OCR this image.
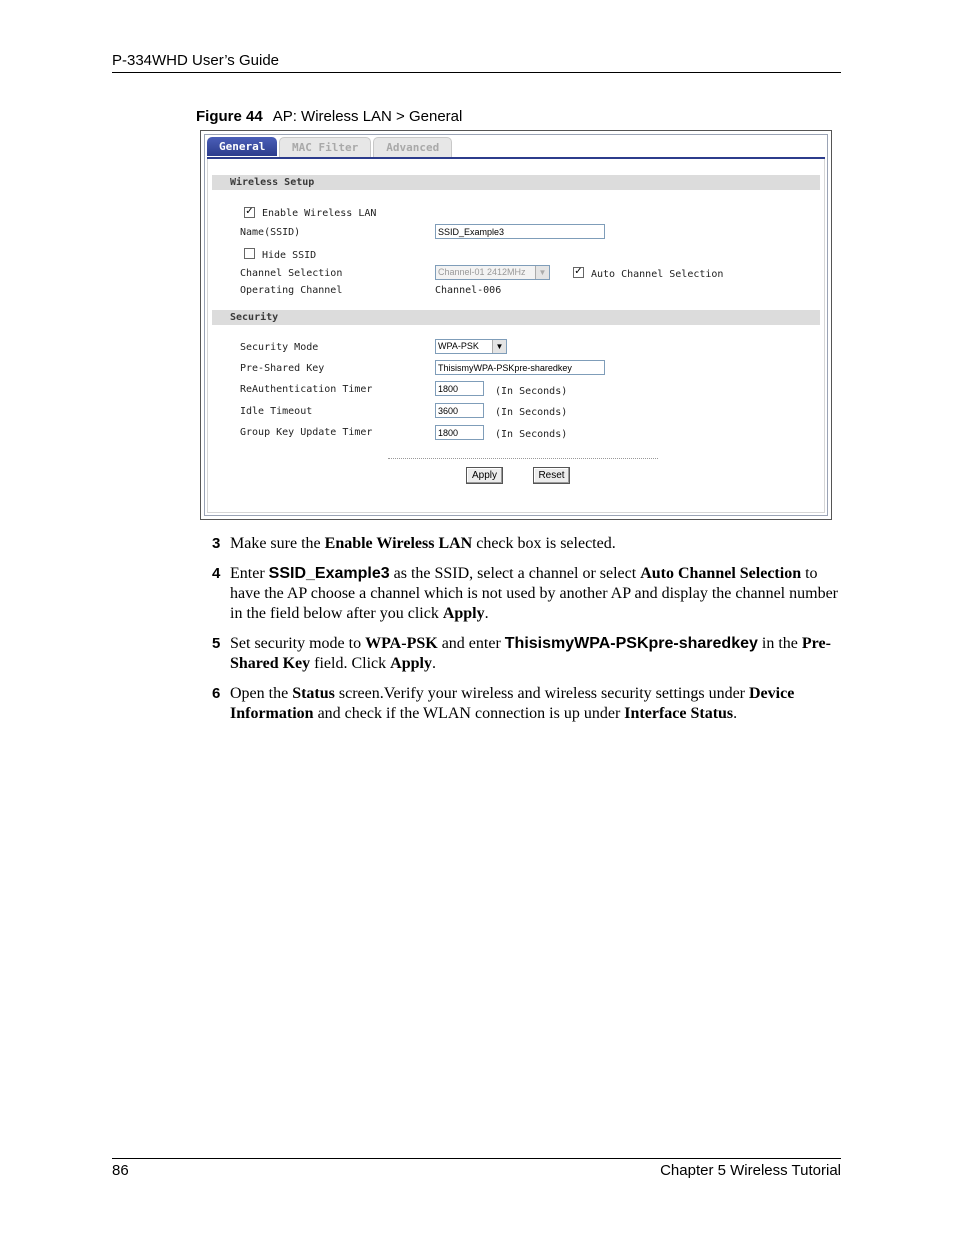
P-334WHD User’s Guide
Figure 44 AP: Wireless LAN > General
General	MAC Filter	Advanced
Wireless Setup
✓ Enable Wireless LAN
Name(SSID)	SSID_Example3
Hide SSID
Channel Selection	Channel-01 2412MHz	▼	✓ Auto Channel Selection
Operating Channel	Channel-006
Security
Security Mode	WPA-PSK	▼
Pre-Shared Key	ThisismyWPA-PSKpre-sharedkey
ReAuthentication Timer	1800	(In Seconds)
Idle Timeout	3600	(In Seconds)
Group Key Update Timer	1800	(In Seconds)
Apply	Reset
3 Make sure the Enable Wireless LAN check box is selected.
4 Enter SSID_Example3 as the SSID, select a channel or select Auto Channel Selection to have the AP choose a channel which is not used by another AP and display the channel number in the field below after you click Apply.
5 Set security mode to WPA-PSK and enter ThisismyWPA-PSKpre-sharedkey in the Pre-Shared Key field. Click Apply.
6 Open the Status screen.Verify your wireless and wireless security settings under Device Information and check if the WLAN connection is up under Interface Status.
86	Chapter 5 Wireless Tutorial
